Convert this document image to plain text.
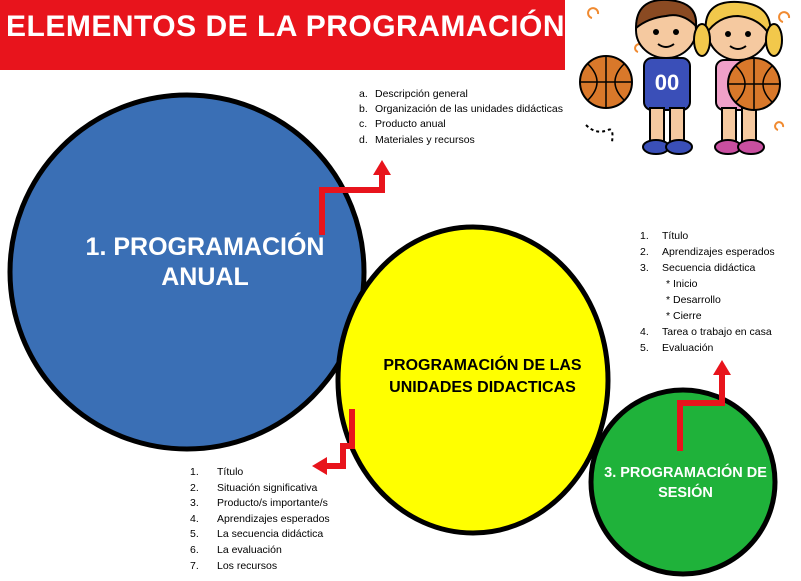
ELEMENTOS DE LA PROGRAMACIÓN
1. PROGRAMACIÓN ANUAL
PROGRAMACIÓN DE LAS UNIDADES DIDACTICAS
3. PROGRAMACIÓN DE SESIÓN
a. Descripción general
b. Organización de las unidades didácticas
c. Producto anual
d. Materiales y recursos
1. Título
2. Aprendizajes esperados
3. Secuencia didáctica
* Inicio
* Desarrollo
* Cierre
4. Tarea o trabajo en casa
5. Evaluación
1. Título
2. Situación significativa
3. Producto/s importante/s
4. Aprendizajes esperados
5. La secuencia didáctica
6. La evaluación
7. Los recursos
00
